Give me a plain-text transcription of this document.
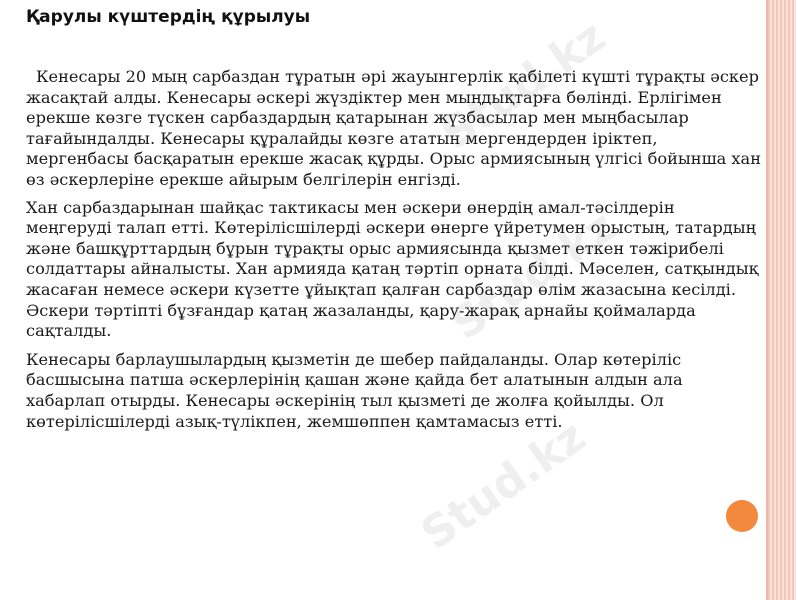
Stud.kz
Stud.kz
Stud.kz
Қарулы күштердің құрылуы

Кенесары 20 мың сарбаздан тұратын әрі жауынгерлік қабілеті күшті тұрақты әскер жасақтай алды. Кенесары әскері жүздіктер мен мыңдықтарға бөлінді. Ерлігімен ерекше көзге түскен сарбаздардың қатарынан жүзбасылар мен мыңбасылар тағайындалды. Кенесары құралайды көзге ататын мергендерден іріктеп, мергенбасы басқаратын ерекше жасақ құрды. Орыс армиясының үлгісі бойынша хан өз әскерлеріне ерекше айырым белгілерін енгізді.

Хан сарбаздарынан шайқас тактикасы мен әскери өнердің амал-тәсілдерін меңгеруді талап етті. Көтерілісшілерді әскери өнерге үйретумен орыстың, татардың және башқұрттардың бұрын тұрақты орыс армиясында қызмет еткен тәжірибелі солдаттары айналысты. Хан армияда қатаң тәртіп орната білді. Мәселен, сатқындық жасаған немесе әскери күзетте ұйықтап қалған сарбаздар өлім жазасына кесілді. Әскери тәртіпті бұзғандар қатаң жазаланды, қару-жарақ арнайы қоймаларда сақталды.

Кенесары барлаушылардың қызметін де шебер пайдаланды. Олар көтеріліс басшысына патша әскерлерінің қашан және қайда бет алатынын алдын ала хабарлап отырды. Кенесары әскерінің тыл қызметі де жолға қойылды. Ол көтерілісшілерді азық-түлікпен, жемшөппен қамтамасыз етті.
